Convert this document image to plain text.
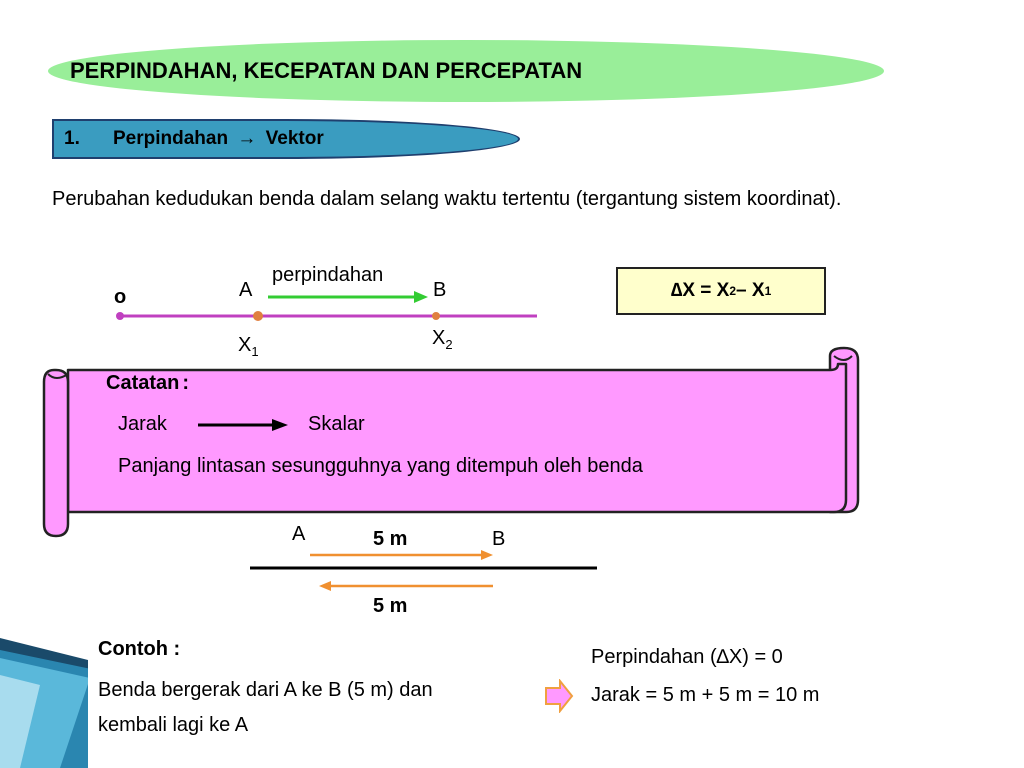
PERPINDAHAN, KECEPATAN DAN PERCEPATAN
1. Perpindahan → Vektor
Perubahan kedudukan benda dalam selang waktu tertentu (tergantung sistem koordinat).
o	A	B
perpindahan
$X_1$
$X_2$
∆ X = X 2 – X 1
Catatan :
Jarak	Skalar
Panjang lintasan sesungguhnya yang ditempuh oleh benda
A	B
5 m
5 m
Contoh :
Benda bergerak dari A ke B (5 m) dan
kembali lagi ke A
Perpindahan (∆X) = 0
Jarak = 5 m + 5 m = 10 m
